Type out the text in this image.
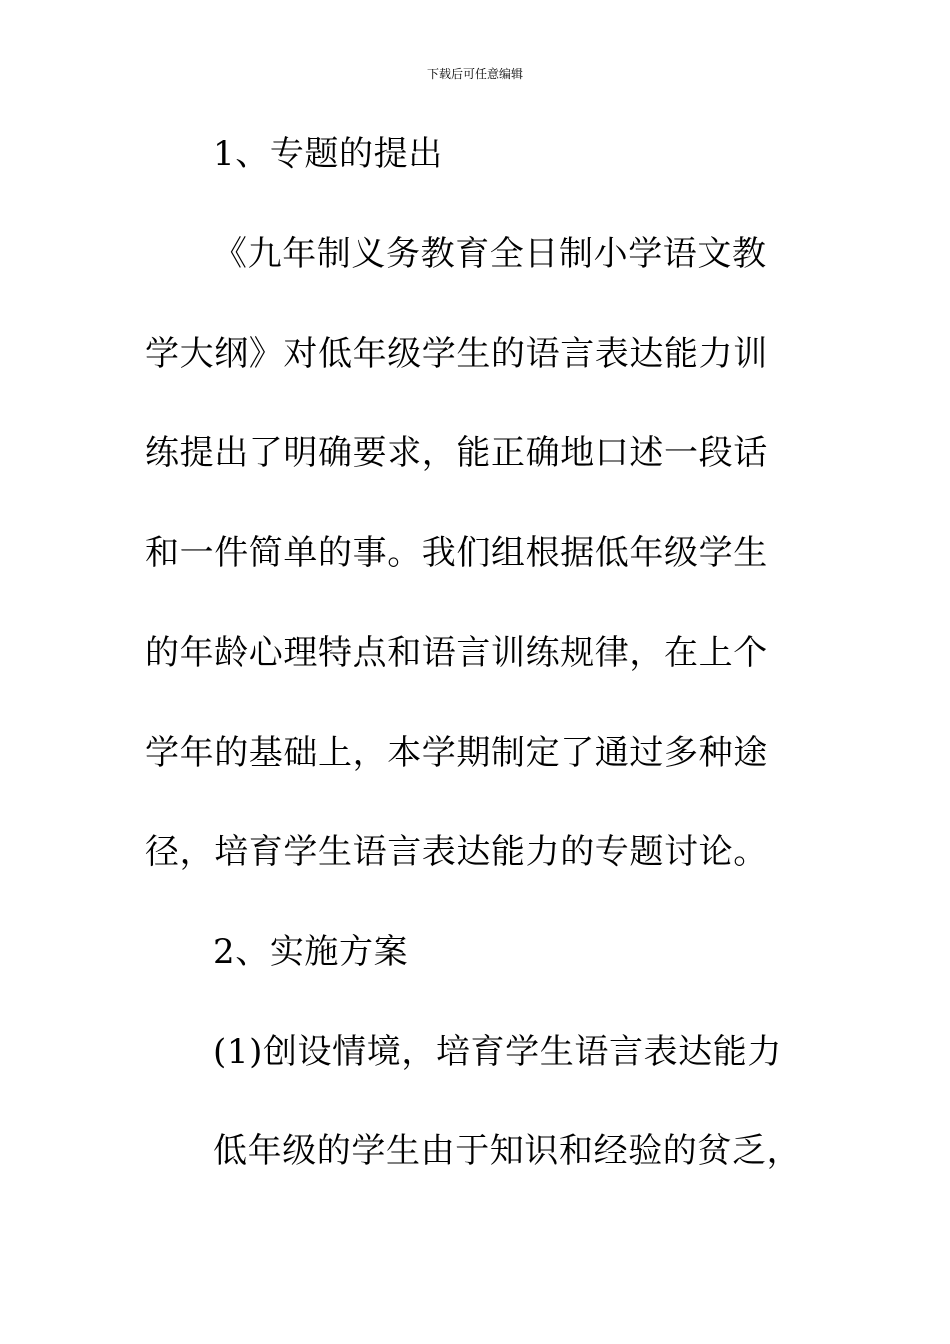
下载后可任意编辑
1、专题的提出
《九年制义务教育全日制小学语文教
学大纲》对低年级学生的语言表达能力训
练提出了明确要求，能正确地口述一段话
和一件简单的事。我们组根据低年级学生
的年龄心理特点和语言训练规律，在上个
学年的基础上，本学期制定了通过多种途
径，培育学生语言表达能力的专题讨论。
2、实施方案
(1)创设情境，培育学生语言表达能力
低年级的学生由于知识和经验的贫乏，
